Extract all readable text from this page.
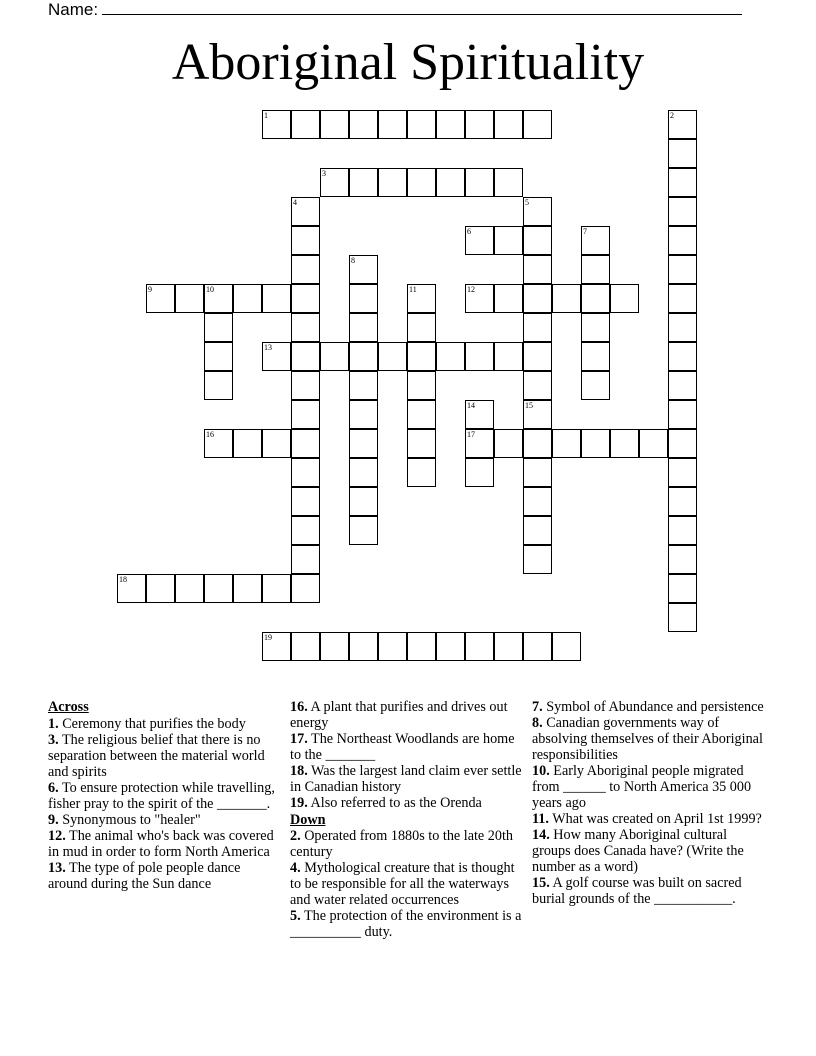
Name:
Aboriginal Spirituality
1	2
3
4	5
15
6	7
8
9	10	11	12
13
14
17
16
18
19
Across
1. Ceremony that purifies the body
3. The religious belief that there is no separation between the material world and spirits
6. To ensure protection while travelling, fisher pray to the spirit of the _______.
9. Synonymous to "healer"
12. The animal who's back was covered in mud in order to form North America
13. The type of pole people dance around during the Sun dance
16. A plant that purifies and drives out energy
17. The Northeast Woodlands are home to the _______
18. Was the largest land claim ever settle in Canadian history
19. Also referred to as the Orenda
Down
2. Operated from 1880s to the late 20th century
4. Mythological creature that is thought to be responsible for all the waterways and water related occurrences
5. The protection of the environment is a __________ duty.
7. Symbol of Abundance and persistence
8. Canadian governments way of absolving themselves of their Aboriginal responsibilities
10. Early Aboriginal people migrated from ______ to North America 35 000 years ago
11. What was created on April 1st 1999?
14. How many Aboriginal cultural groups does Canada have? (Write the number as a word)
15. A golf course was built on sacred burial grounds of the ___________.
